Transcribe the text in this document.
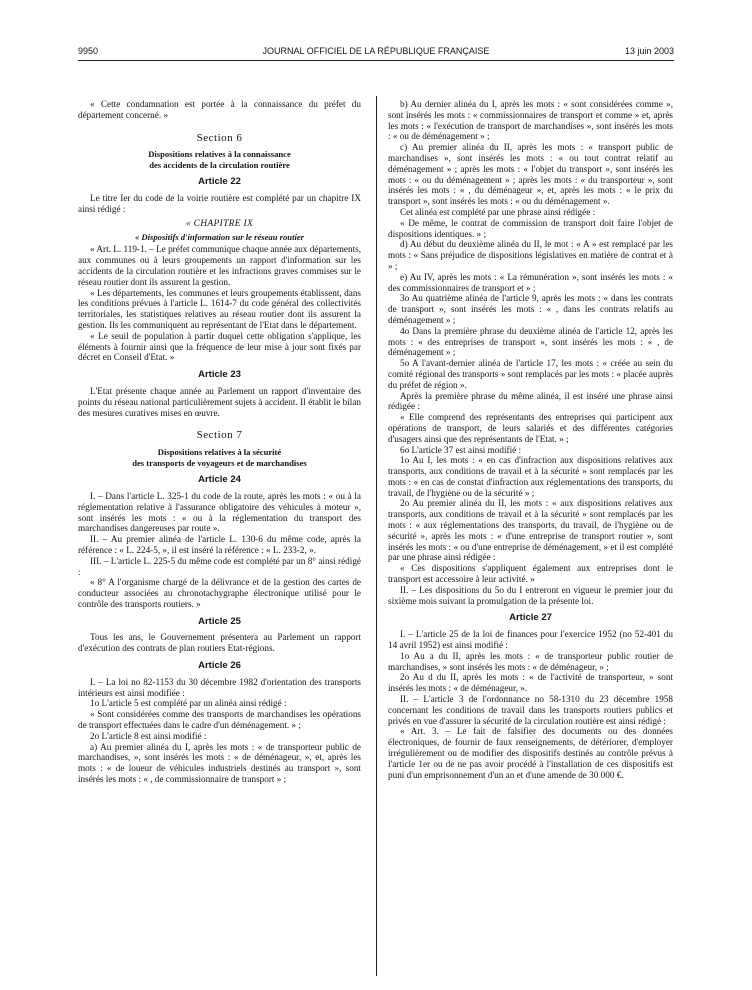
9950	JOURNAL OFFICIEL DE LA RÉPUBLIQUE FRANÇAISE	13 juin 2003

« Cette condamnation est portée à la connaissance du préfet du département concerné. »

Section 6
Dispositions relatives à la connaissance
des accidents de la circulation routière
Article 22

Le titre Ier du code de la voirie routière est complété par un chapitre IX ainsi rédigé :

« CHAPITRE IX
« Dispositifs d'information sur le réseau routier

« Art. L. 119-1. – Le préfet communique chaque année aux départements, aux communes ou à leurs groupements un rapport d'information sur les accidents de la circulation routière et les infractions graves commises sur le réseau routier dont ils assurent la gestion.

« Les départements, les communes et leurs groupements établissent, dans les conditions prévues à l'article L. 1614-7 du code général des collectivités territoriales, les statistiques relatives au réseau routier dont ils assurent la gestion. Ils les communiquent au représentant de l'Etat dans le département.

« Le seuil de population à partir duquel cette obligation s'applique, les éléments à fournir ainsi que la fréquence de leur mise à jour sont fixés par décret en Conseil d'Etat. »

Article 23

L'Etat présente chaque année au Parlement un rapport d'inventaire des points du réseau national particulièrement sujets à accident. Il établit le bilan des mesures curatives mises en œuvre.

Section 7
Dispositions relatives à la sécurité
des transports de voyageurs et de marchandises
Article 24

I. – Dans l'article L. 325-1 du code de la route, après les mots : « ou à la réglementation relative à l'assurance obligatoire des véhicules à moteur », sont insérés les mots : « ou à la réglementation du transport des marchandises dangereuses par route ».

II. – Au premier alinéa de l'article L. 130-6 du même code, après la référence : « L. 224-5, », il est inséré la référence : « L. 233-2, ».

III. – L'article L. 225-5 du même code est complété par un 8° ainsi rédigé :

« 8° A l'organisme chargé de la délivrance et de la gestion des cartes de conducteur associées au chronotachygraphe électronique utilisé pour le contrôle des transports routiers. »

Article 25

Tous les ans, le Gouvernement présentera au Parlement un rapport d'exécution des contrats de plan routiers Etat-régions.

Article 26

I. – La loi no 82-1153 du 30 décembre 1982 d'orientation des transports intérieurs est ainsi modifiée :

1o L'article 5 est complété par un alinéa ainsi rédigé :

« Sont considérées comme des transports de marchandises les opérations de transport effectuées dans le cadre d'un déménagement. » ;

2o L'article 8 est ainsi modifié :

a) Au premier alinéa du I, après les mots : « de transporteur public de marchandises, », sont insérés les mots : « de déménageur, », et, après les mots : « de loueur de véhicules industriels destinés au transport », sont insérés les mots : « , de commissionnaire de transport » ;

b) Au dernier alinéa du I, après les mots : « sont considérées comme », sont insérés les mots : « commissionnaires de transport et comme » et, après les mots : « l'exécution de transport de marchandises », sont insérés les mots : « ou de déménagement » ;

c) Au premier alinéa du II, après les mots : « transport public de marchandises », sont insérés les mots : « ou tout contrat relatif au déménagement » ; après les mots : « l'objet du transport », sont insérés les mots : « ou du déménagement » ; après les mots : « du transporteur », sont insérés les mots : « , du déménageur », et, après les mots : « le prix du transport », sont insérés les mots : « ou du déménagement ».

Cet alinéa est complété par une phrase ainsi rédigée :

« De même, le contrat de commission de transport doit faire l'objet de dispositions identiques. » ;

d) Au début du deuxième alinéa du II, le mot : « A » est remplacé par les mots : « Sans préjudice de dispositions législatives en matière de contrat et à » ;

e) Au IV, après les mots : « La rémunération », sont insérés les mots : « des commissionnaires de transport et » ;

3o Au quatrième alinéa de l'article 9, après les mots : « dans les contrats de transport », sont insérés les mots : « , dans les contrats relatifs au déménagement » ;

4o Dans la première phrase du deuxième alinéa de l'article 12, après les mots : « des entreprises de transport », sont insérés les mots : « , de déménagement » ;

5o A l'avant-dernier alinéa de l'article 17, les mots : « créée au sein du comité régional des transports » sont remplacés par les mots : « placée auprès du préfet de région ».

Après la première phrase du même alinéa, il est inséré une phrase ainsi rédigée :

« Elle comprend des représentants des entreprises qui participent aux opérations de transport, de leurs salariés et des différentes catégories d'usagers ainsi que des représentants de l'Etat. » ;

6o L'article 37 est ainsi modifié :

1o Au I, les mots : « en cas d'infraction aux dispositions relatives aux transports, aux conditions de travail et à la sécurité » sont remplacés par les mots : « en cas de constat d'infraction aux réglementations des transports, du travail, de l'hygiène ou de la sécurité » ;

2o Au premier alinéa du II, les mots : « aux dispositions relatives aux transports, aux conditions de travail et à la sécurité » sont remplacés par les mots : « aux réglementations des transports, du travail, de l'hygiène ou de sécurité », après les mots : « d'une entreprise de transport routier », sont insérés les mots : « ou d'une entreprise de déménagement, » et il est complété par une phrase ainsi rédigée :

« Ces dispositions s'appliquent également aux entreprises dont le transport est accessoire à leur activité. »

II. – Les dispositions du 5o du I entreront en vigueur le premier jour du sixième mois suivant la promulgation de la présente loi.

Article 27

I. – L'article 25 de la loi de finances pour l'exercice 1952 (no 52-401 du 14 avril 1952) est ainsi modifié :

1o Au a du II, après les mots : « de transporteur public routier de marchandises, » sont insérés les mots : « de déménageur, » ;

2o Au d du II, après les mots : « de l'activité de transporteur, » sont insérés les mots : « de déménageur, ».

II. – L'article 3 de l'ordonnance no 58-1310 du 23 décembre 1958 concernant les conditions de travail dans les transports routiers publics et privés en vue d'assurer la sécurité de la circulation routière est ainsi rédigé :

« Art. 3. – Le fait de falsifier des documents ou des données électroniques, de fournir de faux renseignements, de détériorer, d'employer irrégulièrement ou de modifier des dispositifs destinés au contrôle prévus à l'article 1er ou de ne pas avoir procédé à l'installation de ces dispositifs est puni d'un emprisonnement d'un an et d'une amende de 30 000 €.
